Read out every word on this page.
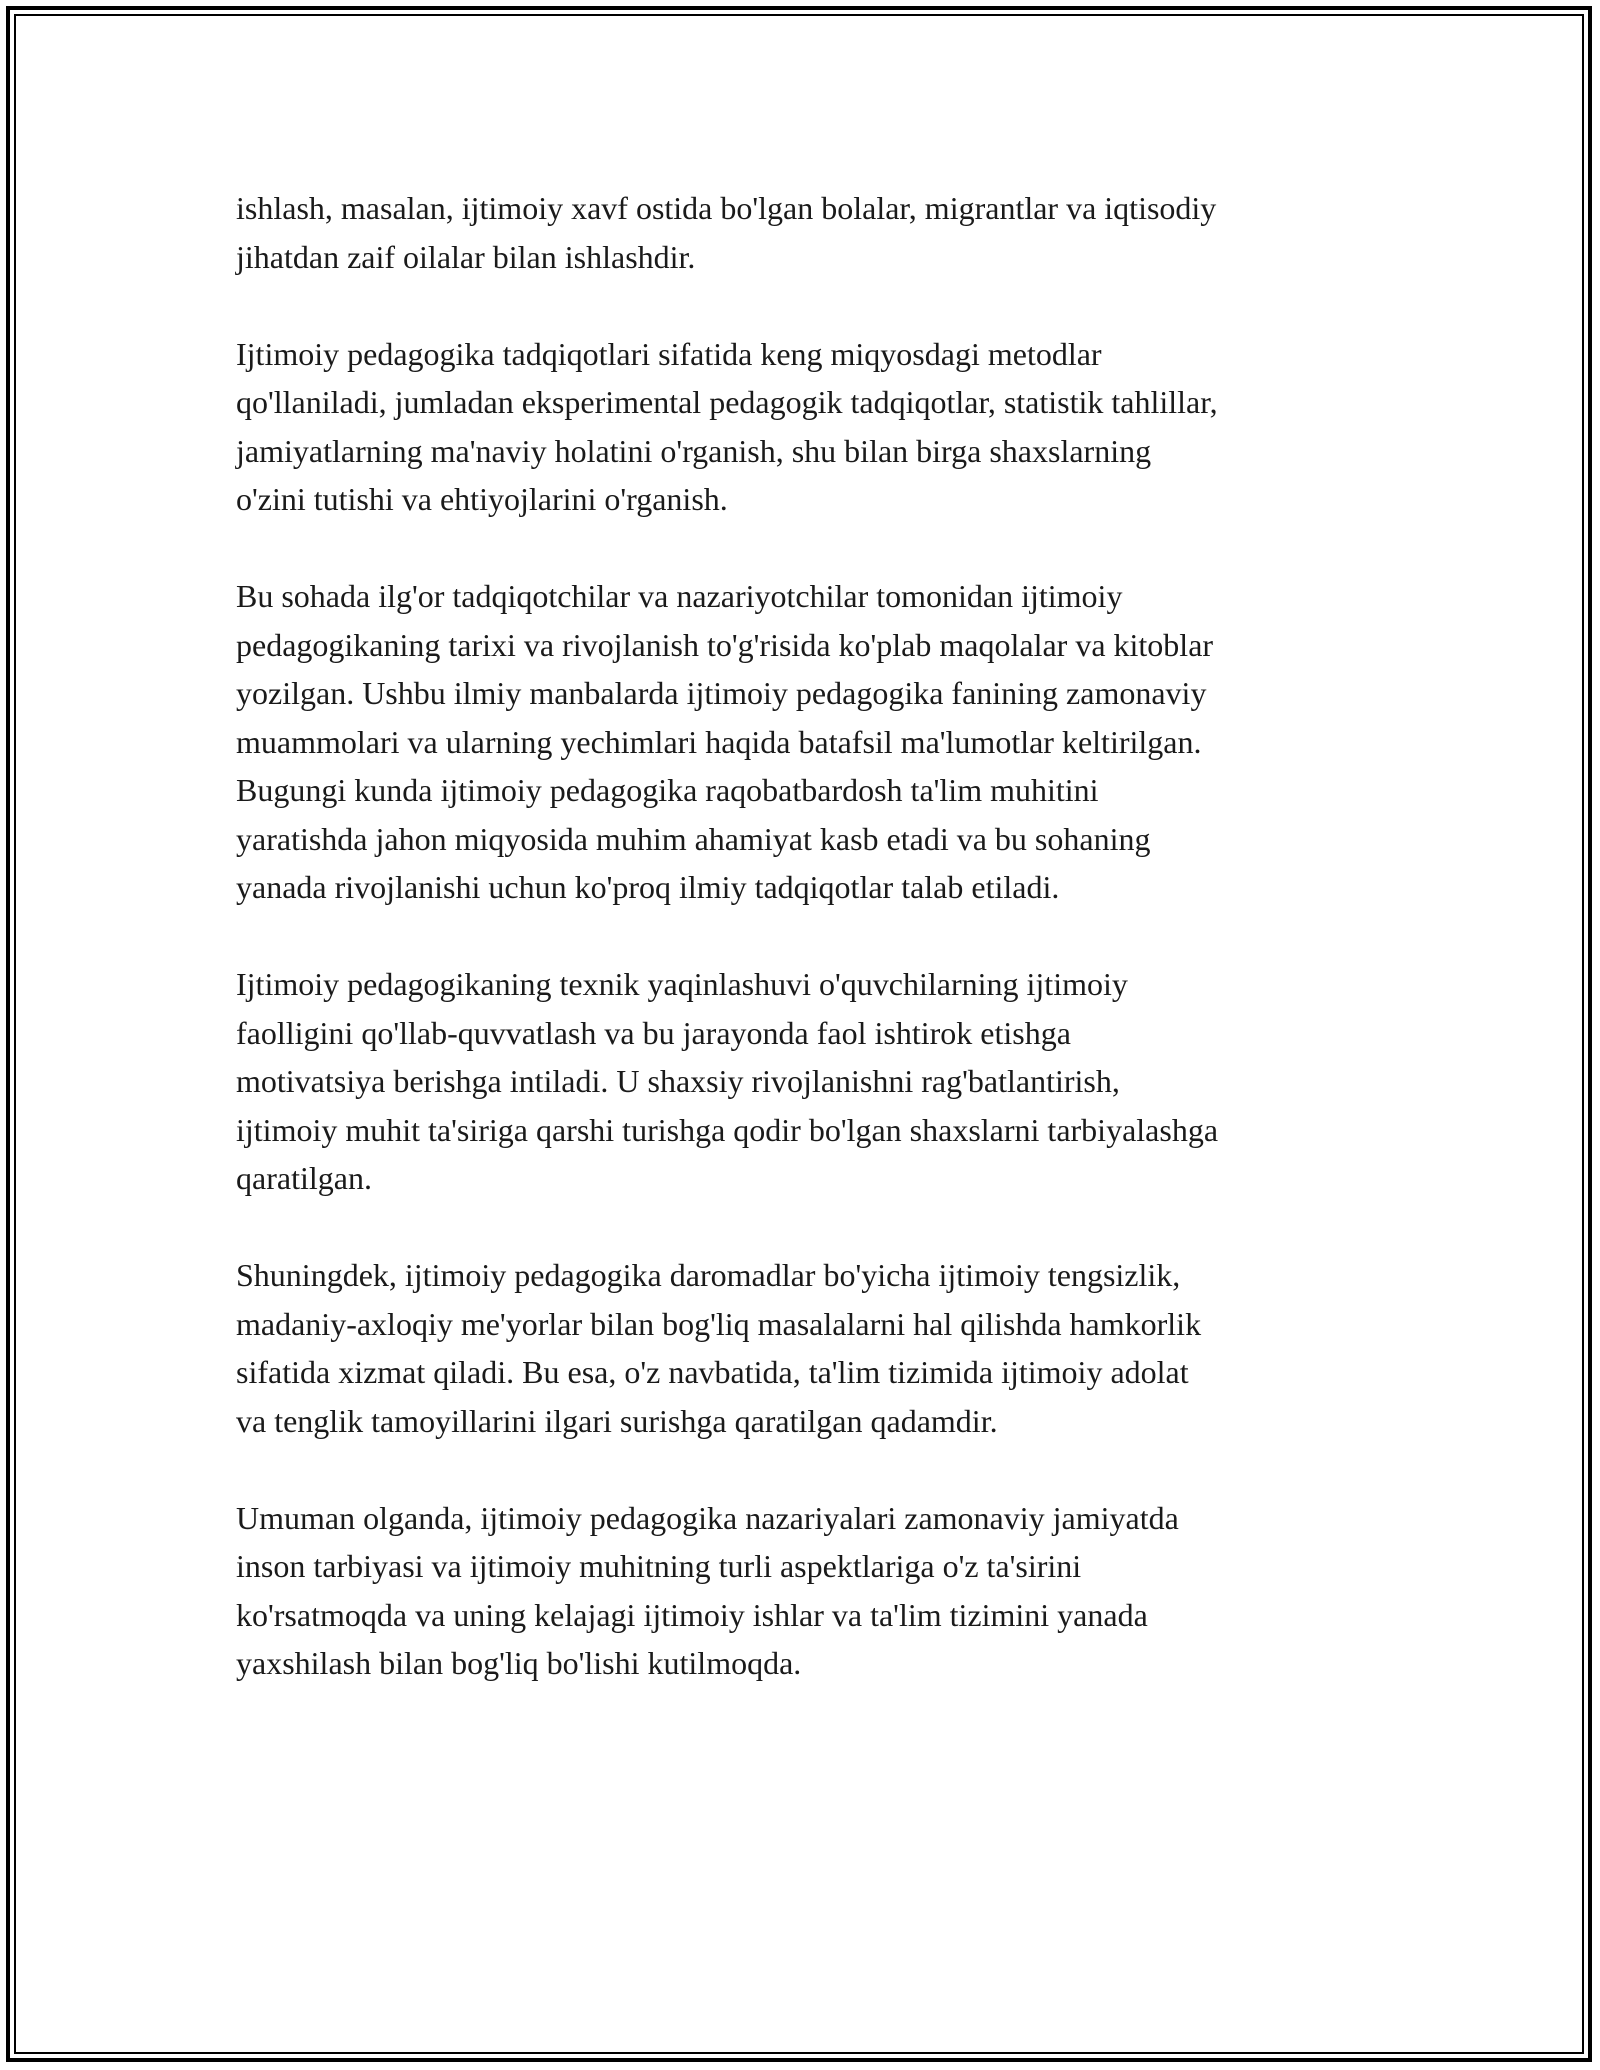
ishlash, masalan, ijtimoiy xavf ostida bo'lgan bolalar, migrantlar va iqtisodiy
jihatdan zaif oilalar bilan ishlashdir.

Ijtimoiy pedagogika tadqiqotlari sifatida keng miqyosdagi metodlar
qo'llaniladi, jumladan eksperimental pedagogik tadqiqotlar, statistik tahlillar,
jamiyatlarning ma'naviy holatini o'rganish, shu bilan birga shaxslarning
o'zini tutishi va ehtiyojlarini o'rganish.

Bu sohada ilg'or tadqiqotchilar va nazariyotchilar tomonidan ijtimoiy
pedagogikaning tarixi va rivojlanish to'g'risida ko'plab maqolalar va kitoblar
yozilgan. Ushbu ilmiy manbalarda ijtimoiy pedagogika fanining zamonaviy
muammolari va ularning yechimlari haqida batafsil ma'lumotlar keltirilgan.
Bugungi kunda ijtimoiy pedagogika raqobatbardosh ta'lim muhitini
yaratishda jahon miqyosida muhim ahamiyat kasb etadi va bu sohaning
yanada rivojlanishi uchun ko'proq ilmiy tadqiqotlar talab etiladi.

Ijtimoiy pedagogikaning texnik yaqinlashuvi o'quvchilarning ijtimoiy
faolligini qo'llab-quvvatlash va bu jarayonda faol ishtirok etishga
motivatsiya berishga intiladi. U shaxsiy rivojlanishni rag'batlantirish,
ijtimoiy muhit ta'siriga qarshi turishga qodir bo'lgan shaxslarni tarbiyalashga
qaratilgan.

Shuningdek, ijtimoiy pedagogika daromadlar bo'yicha ijtimoiy tengsizlik,
madaniy-axloqiy me'yorlar bilan bog'liq masalalarni hal qilishda hamkorlik
sifatida xizmat qiladi. Bu esa, o'z navbatida, ta'lim tizimida ijtimoiy adolat
va tenglik tamoyillarini ilgari surishga qaratilgan qadamdir.

Umuman olganda, ijtimoiy pedagogika nazariyalari zamonaviy jamiyatda
inson tarbiyasi va ijtimoiy muhitning turli aspektlariga o'z ta'sirini
ko'rsatmoqda va uning kelajagi ijtimoiy ishlar va ta'lim tizimini yanada
yaxshilash bilan bog'liq bo'lishi kutilmoqda.
